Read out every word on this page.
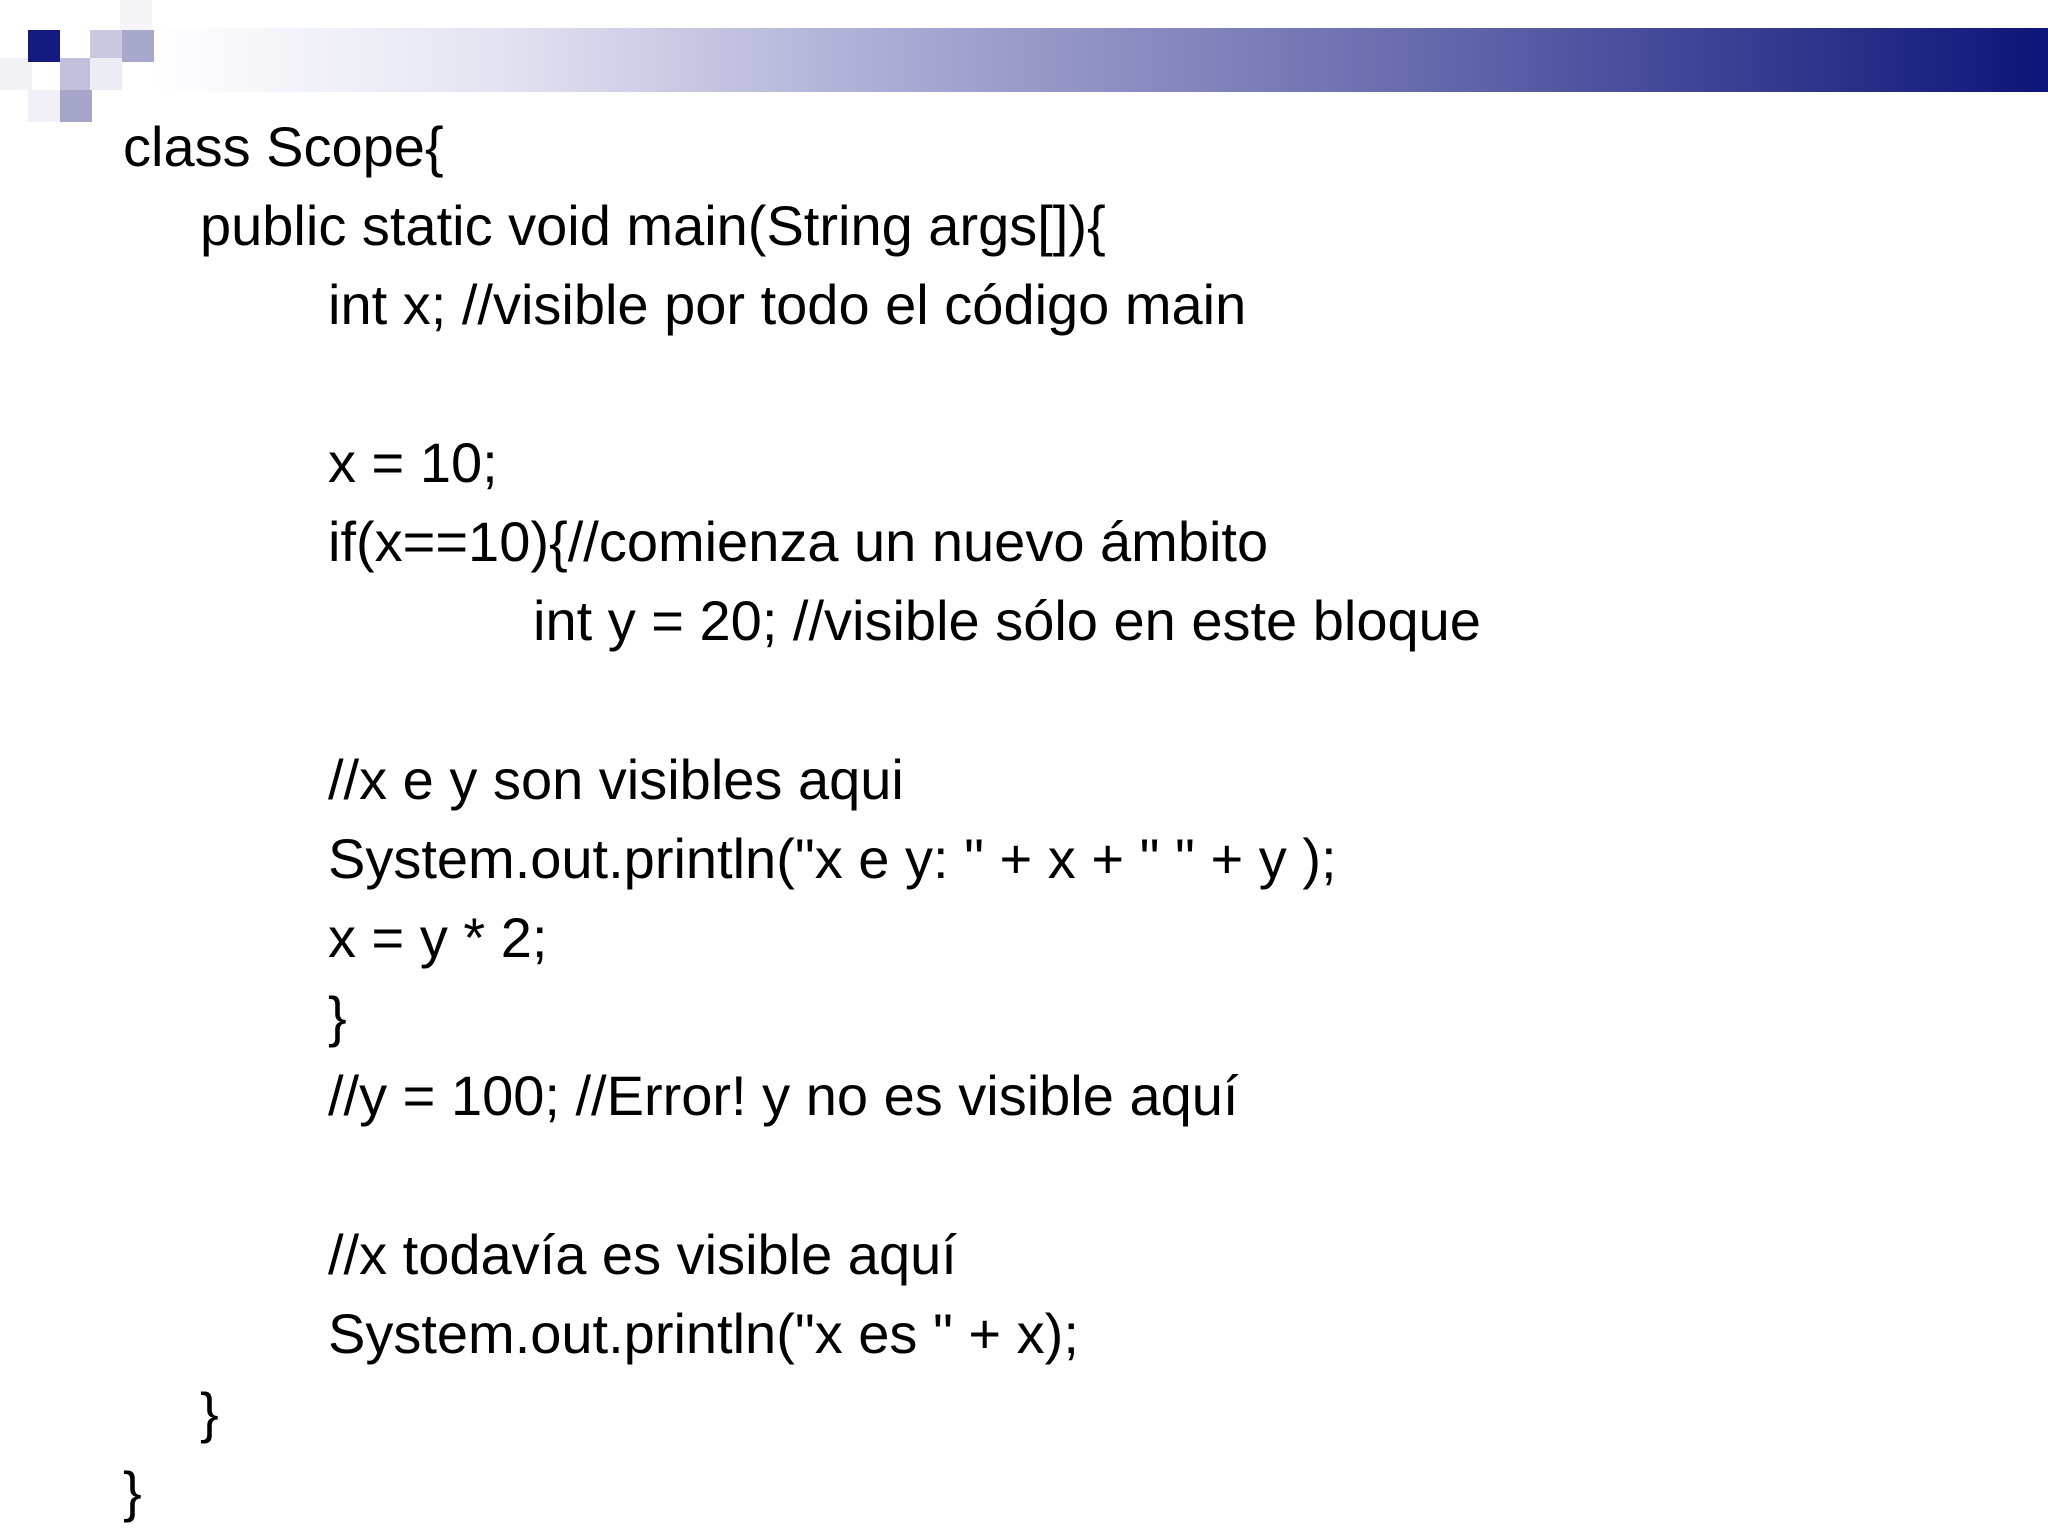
class Scope{
public static void main(String args[]){
int x; //visible por todo el código main
x = 10;
if(x==10){//comienza un nuevo ámbito
int y = 20; //visible sólo en este bloque
//x e y son visibles aqui
System.out.println("x e y: " + x + " " + y );
x = y * 2;
}
//y = 100; //Error! y no es visible aquí
//x todavía es visible aquí
System.out.println("x es " + x);
}
}
